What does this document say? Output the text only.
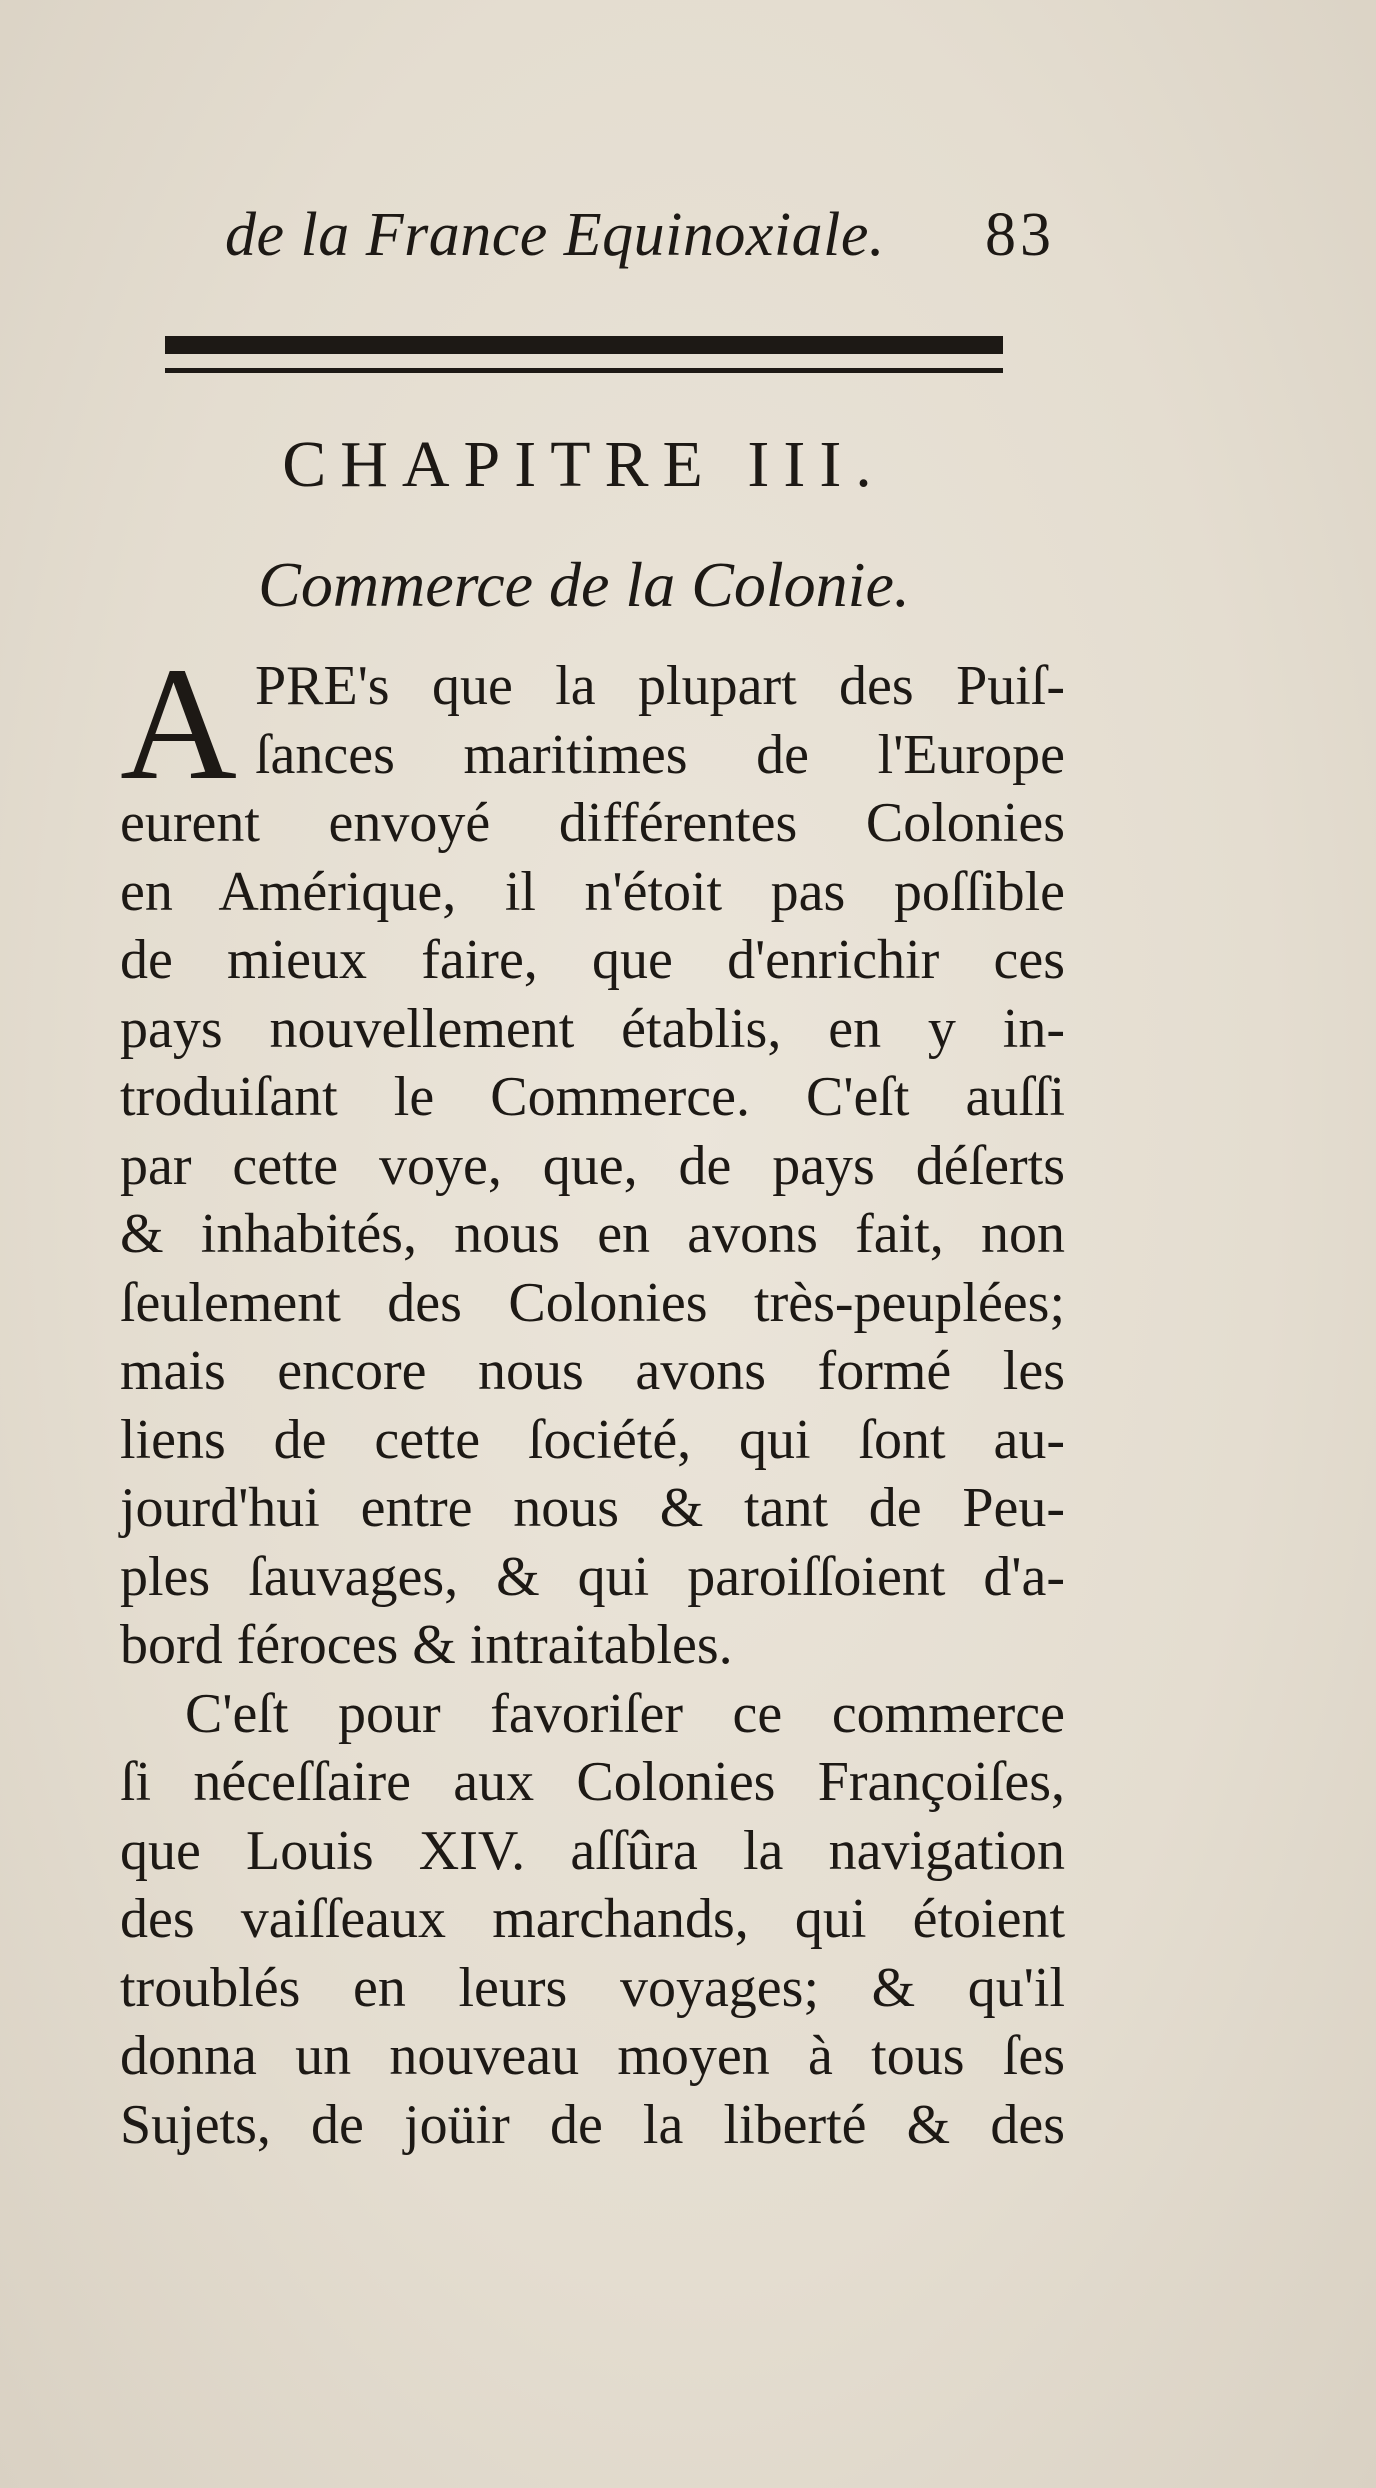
de la France Equinoxiale. 83
CHAPITRE III.
Commerce de la Colonie.
A PRE's que la plupart des Puiſ-
ſances maritimes de l'Europe
eurent envoyé différentes Colonies
en Amérique, il n'étoit pas poſſible
de mieux faire, que d'enrichir ces
pays nouvellement établis, en y in-
troduiſant le Commerce. C'eſt auſſi
par cette voye, que, de pays déſerts
& inhabités, nous en avons fait, non
ſeulement des Colonies très-peuplées;
mais encore nous avons formé les
liens de cette ſociété, qui ſont au-
jourd'hui entre nous & tant de Peu-
ples ſauvages, & qui paroiſſoient d'a-
bord féroces & intraitables.
C'eſt pour favoriſer ce commerce
ſi néceſſaire aux Colonies Françoiſes,
que Louis XIV. aſſûra la navigation
des vaiſſeaux marchands, qui étoient
troublés en leurs voyages; & qu'il
donna un nouveau moyen à tous ſes
Sujets, de joüir de la liberté & des
